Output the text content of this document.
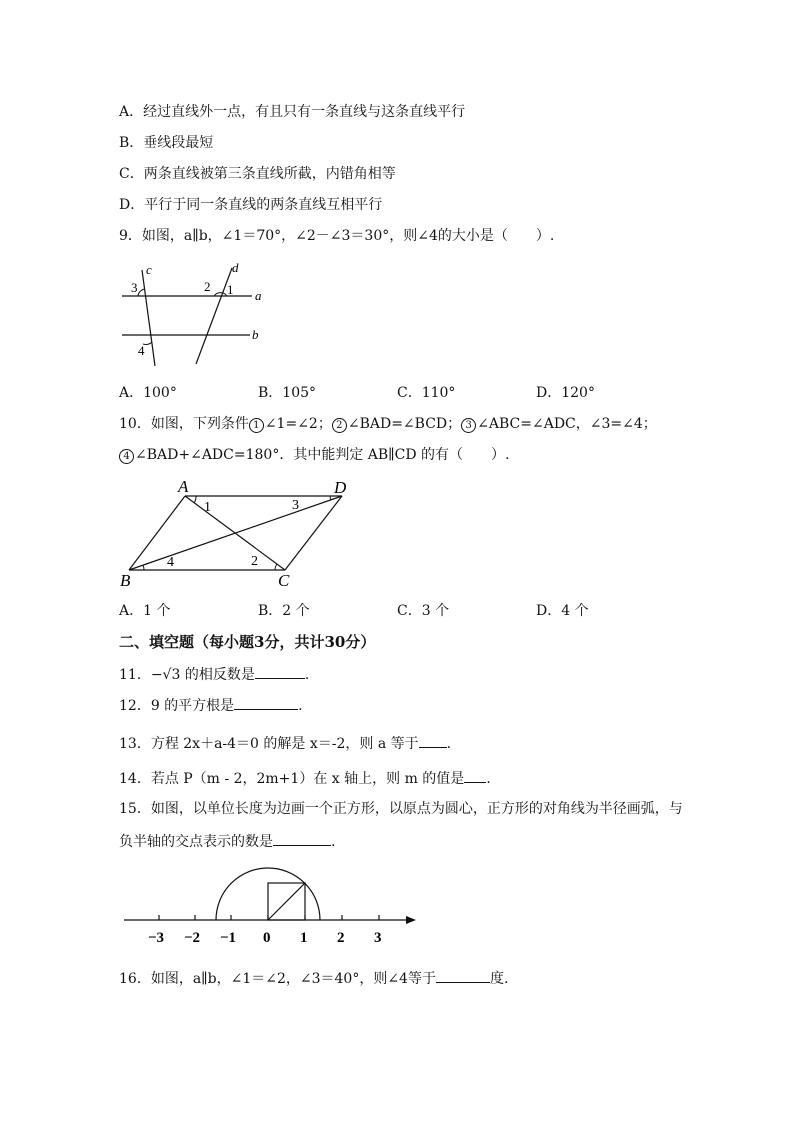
A．经过直线外一点，有且只有一条直线与这条直线平行
B．垂线段最短
C．两条直线被第三条直线所截，内错角相等
D．平行于同一条直线的两条直线互相平行
9．如图，a∥b，∠1＝70°，∠2－∠3＝30°，则∠4的大小是（　　）.
c	d
a
b
3	2 1
4
A．100°	B．105°	C．110°	D．120°
10．如图，下列条件 1 ∠1=∠2； 2 ∠BAD=∠BCD； 3 ∠ABC=∠ADC，∠3=∠4；
4 ∠BAD+∠ADC=180°．其中能判定 AB∥CD 的有（　　）.
A	D
B	C
1	3
2
4
A．1 个	B．2 个	C．3 个	D．4 个
二、填空题（每小题3分，共计30分）
11．−√3 的相反数是	.
12．9 的平方根是	.
13．方程 2x＋a-4＝0 的解是 x＝-2，则 a 等于 .
14．若点 P（m - 2，2m+1）在 x 轴上，则 m 的值是 .
15．如图，以单位长度为边画一个正方形，以原点为圆心，正方形的对角线为半径画弧，与
负半轴的交点表示的数是	.
−3 −2 −1 0 1 2 3
16．如图，a∥b，∠1＝∠2，∠3＝40°，则∠4等于	度.
